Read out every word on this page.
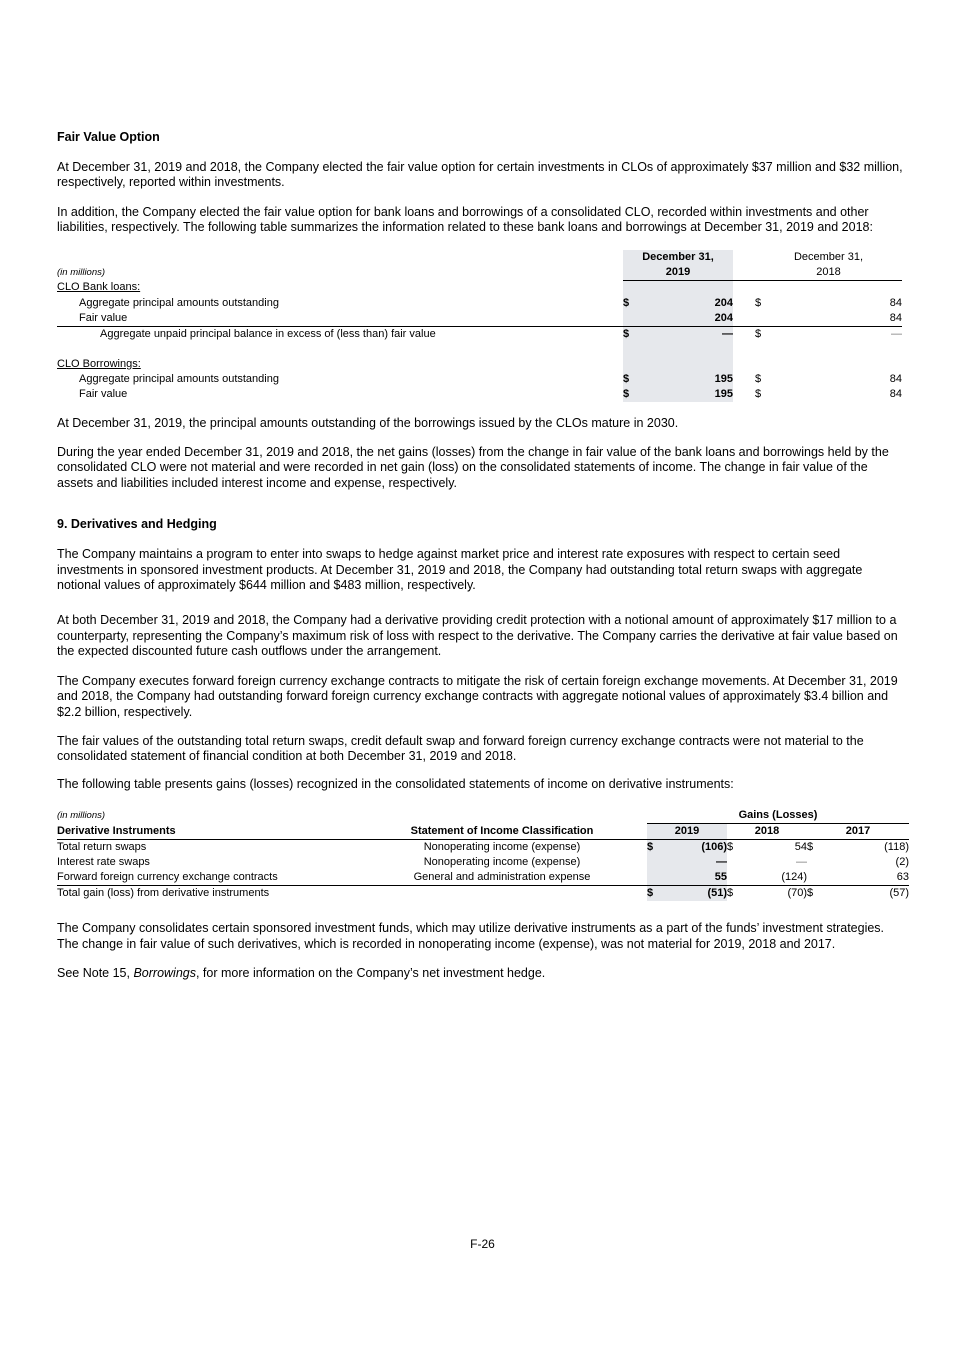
Fair Value Option

At December 31, 2019 and 2018, the Company elected the fair value option for certain investments in CLOs of approximately $37 million and $32 million, respectively, reported within investments.

In addition, the Company elected the fair value option for bank loans and borrowings of a consolidated CLO, recorded within investments and other liabilities, respectively. The following table summarizes the information related to these bank loans and borrowings at December 31, 2019 and 2018:

	December 31,		December 31,	
(in millions)	2019		2018	
CLO Bank loans:				
Aggregate principal amounts outstanding	$ 204		$	84
Fair value	204			84
Aggregate unpaid principal balance in excess of (less than) fair value	$ —		$	—

CLO Borrowings:				
Aggregate principal amounts outstanding	$ 195		$	84
Fair value	$ 195		$	84

At December 31, 2019, the principal amounts outstanding of the borrowings issued by the CLOs mature in 2030.

During the year ended December 31, 2019 and 2018, the net gains (losses) from the change in fair value of the bank loans and borrowings held by the consolidated CLO were not material and were recorded in net gain (loss) on the consolidated statements of income. The change in fair value of the assets and liabilities included interest income and expense, respectively.

9. Derivatives and Hedging

The Company maintains a program to enter into swaps to hedge against market price and interest rate exposures with respect to certain seed investments in sponsored investment products. At December 31, 2019 and 2018, the Company had outstanding total return swaps with aggregate notional values of approximately $644 million and $483 million, respectively.

At both December 31, 2019 and 2018, the Company had a derivative providing credit protection with a notional amount of approximately $17 million to a counterparty, representing the Company’s maximum risk of loss with respect to the derivative. The Company carries the derivative at fair value based on the expected discounted future cash outflows under the arrangement.

The Company executes forward foreign currency exchange contracts to mitigate the risk of certain foreign exchange movements. At December 31, 2019 and 2018, the Company had outstanding forward foreign currency exchange contracts with aggregate notional values of approximately $3.4 billion and $2.2 billion, respectively.

The fair values of the outstanding total return swaps, credit default swap and forward foreign currency exchange contracts were not material to the consolidated statement of financial condition at both December 31, 2019 and 2018.

The following table presents gains (losses) recognized in the consolidated statements of income on derivative instruments:

(in millions)		Gains (Losses)					
Derivative Instruments	Statement of Income Classification	2019		2018		2017	
Total return swaps	Nonoperating income (expense)	$	(106)	$	54	$	(118)
Interest rate swaps	Nonoperating income (expense)		—		—		(2)
Forward foreign currency exchange contracts	General and administration expense		55		(124)		63
Total gain (loss) from derivative instruments		$	(51)	$	(70)	$	(57)

The Company consolidates certain sponsored investment funds, which may utilize derivative instruments as a part of the funds’ investment strategies. The change in fair value of such derivatives, which is recorded in nonoperating income (expense), was not material for 2019, 2018 and 2017.

See Note 15, Borrowings, for more information on the Company’s net investment hedge.

F-26
